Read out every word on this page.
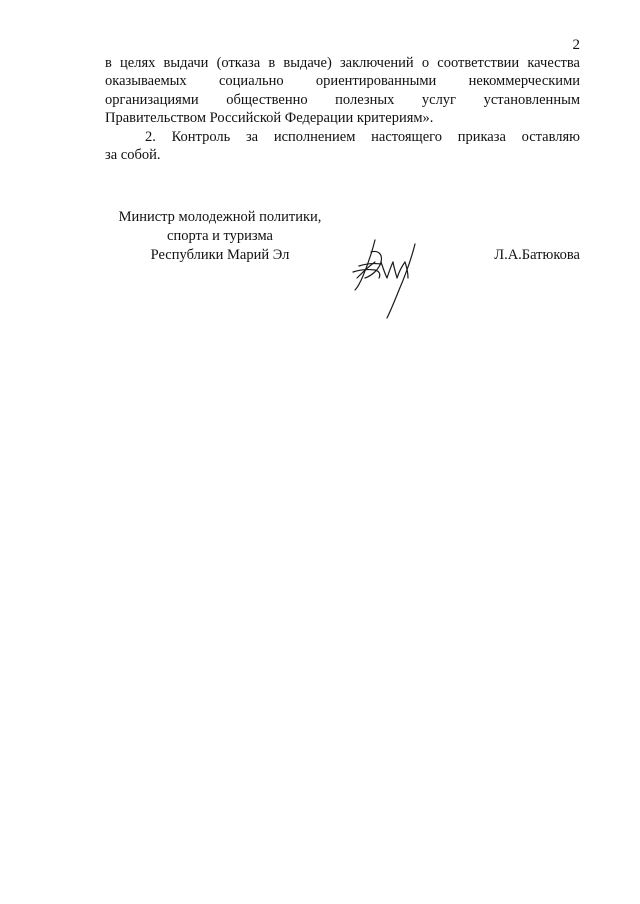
2

в целях выдачи (отказа в выдаче) заключений о соответствии качества
оказываемых социально ориентированными некоммерческими
организациями общественно полезных услуг установленным
Правительством Российской Федерации критериям».

2. Контроль за исполнением настоящего приказа оставляю
за собой.

Министр молодежной политики,
спорта и туризма
Республики Марий Эл	Л.А.Батюкова
